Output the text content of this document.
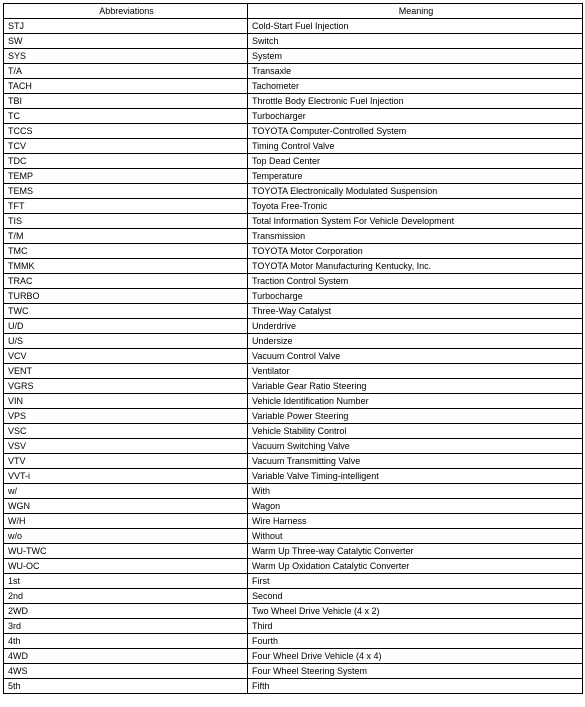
Abbreviations	Meaning
STJ	Cold-Start Fuel Injection
SW	Switch
SYS	System
T/A	Transaxle
TACH	Tachometer
TBI	Throttle Body Electronic Fuel Injection
TC	Turbocharger
TCCS	TOYOTA Computer-Controlled System
TCV	Timing Control Valve
TDC	Top Dead Center
TEMP	Temperature
TEMS	TOYOTA Electronically Modulated Suspension
TFT	Toyota Free-Tronic
TIS	Total Information System For Vehicle Development
T/M	Transmission
TMC	TOYOTA Motor Corporation
TMMK	TOYOTA Motor Manufacturing Kentucky, Inc.
TRAC	Traction Control System
TURBO	Turbocharge
TWC	Three-Way Catalyst
U/D	Underdrive
U/S	Undersize
VCV	Vacuum Control Valve
VENT	Ventilator
VGRS	Variable Gear Ratio Steering
VIN	Vehicle Identification Number
VPS	Variable Power Steering
VSC	Vehicle Stability Control
VSV	Vacuum Switching Valve
VTV	Vacuum Transmitting Valve
VVT-i	Variable Valve Timing-intelligent
w/	With
WGN	Wagon
W/H	Wire Harness
w/o	Without
WU-TWC	Warm Up Three-way Catalytic Converter
WU-OC	Warm Up Oxidation Catalytic Converter
1st	First
2nd	Second
2WD	Two Wheel Drive Vehicle (4 x 2)
3rd	Third
4th	Fourth
4WD	Four Wheel Drive Vehicle (4 x 4)
4WS	Four Wheel Steering System
5th	Fifth
